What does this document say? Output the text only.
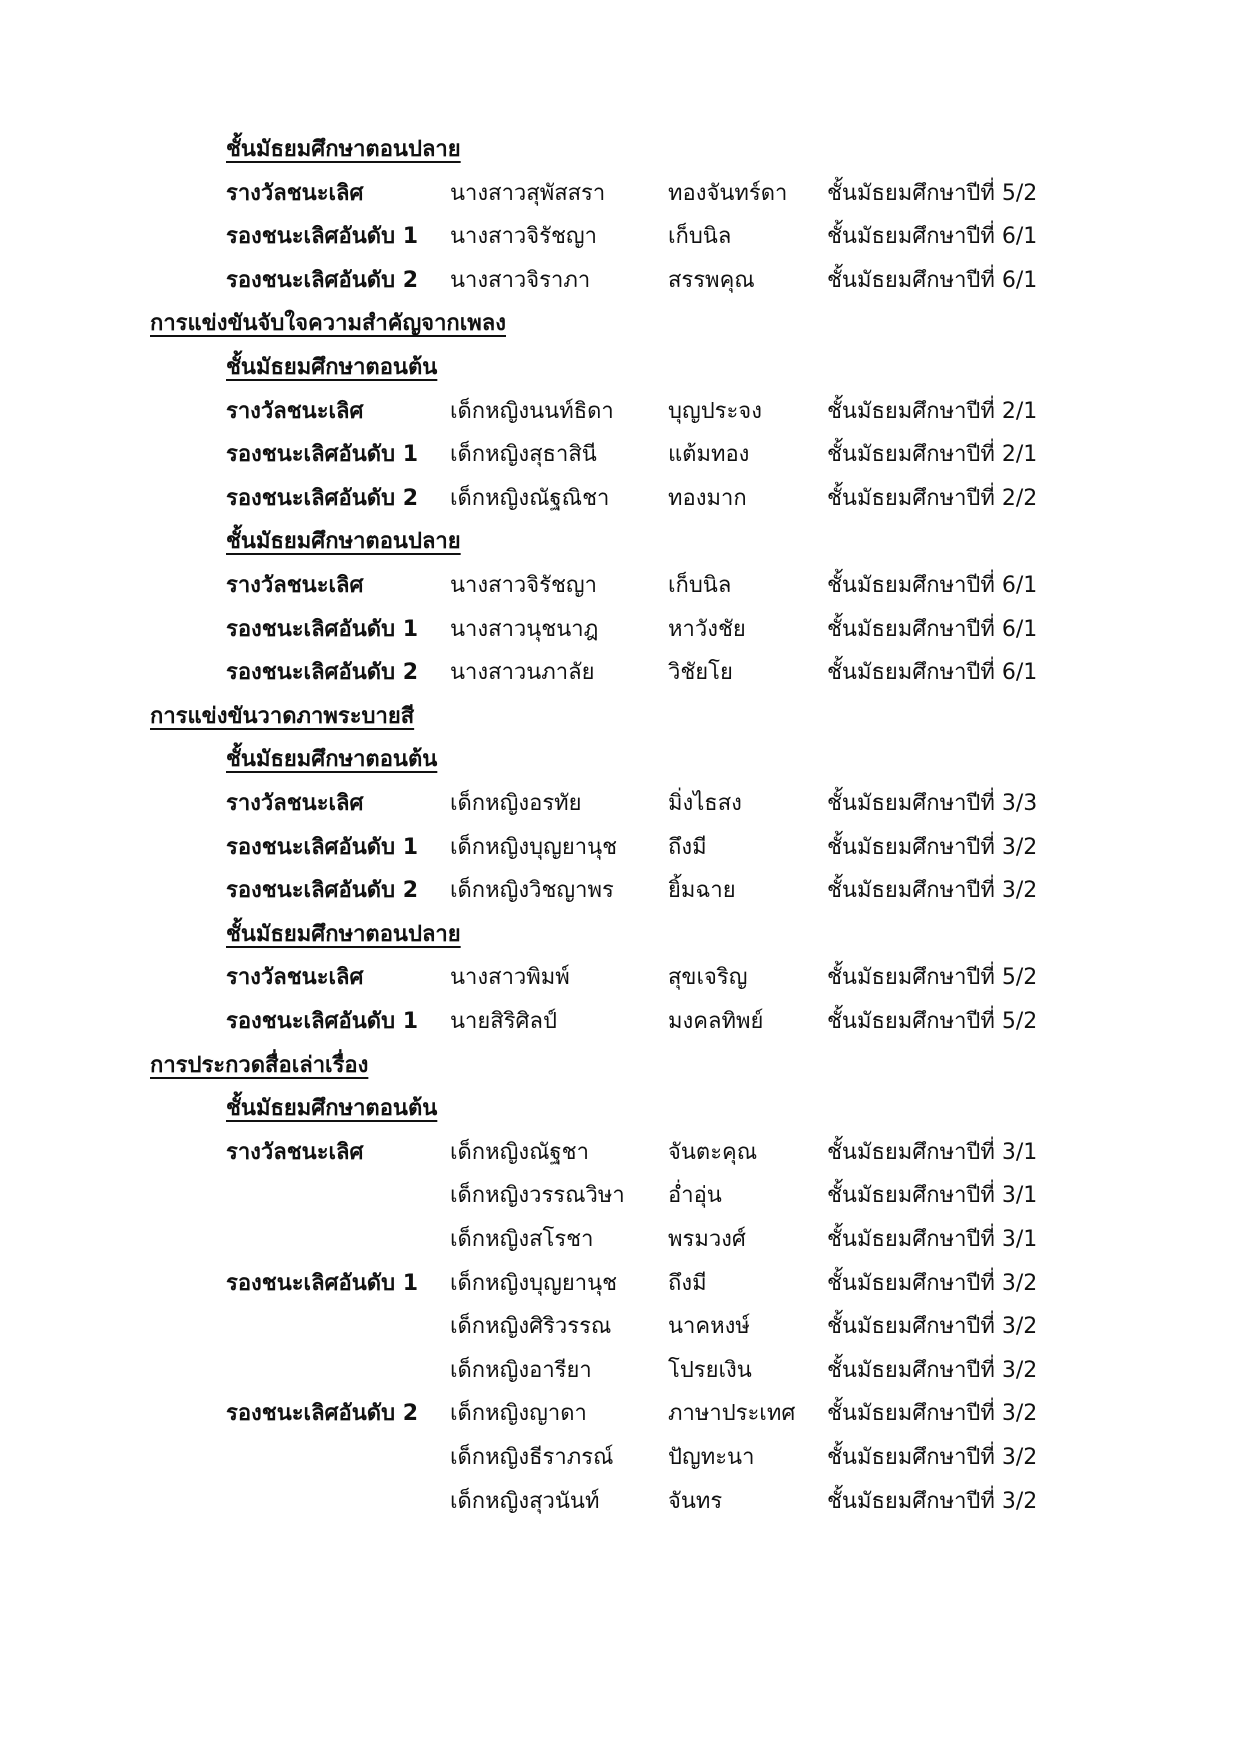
ชั้นมัธยมศึกษาตอนปลาย
รางวัลชนะเลิศ	นางสาวสุพัสสรา	ทองจันทร์ดา ชั้นมัธยมศึกษาปีที่ 5/2
รองชนะเลิศอันดับ 1 นางสาวจิรัชญา	เก็บนิล	ชั้นมัธยมศึกษาปีที่ 6/1
รองชนะเลิศอันดับ 2 นางสาวจิราภา	สรรพคุณ	ชั้นมัธยมศึกษาปีที่ 6/1
การแข่งขันจับใจความสำคัญจากเพลง
ชั้นมัธยมศึกษาตอนต้น
รางวัลชนะเลิศ	เด็กหญิงนนท์ธิดา บุญประจง	ชั้นมัธยมศึกษาปีที่ 2/1
รองชนะเลิศอันดับ 1 เด็กหญิงสุธาสินี	แต้มทอง	ชั้นมัธยมศึกษาปีที่ 2/1
รองชนะเลิศอันดับ 2 เด็กหญิงณัฐณิชา	ทองมาก	ชั้นมัธยมศึกษาปีที่ 2/2
ชั้นมัธยมศึกษาตอนปลาย
รางวัลชนะเลิศ	นางสาวจิรัชญา	เก็บนิล	ชั้นมัธยมศึกษาปีที่ 6/1
รองชนะเลิศอันดับ 1 นางสาวนุชนาฎ	หาวังชัย	ชั้นมัธยมศึกษาปีที่ 6/1
รองชนะเลิศอันดับ 2 นางสาวนภาลัย	วิชัยโย	ชั้นมัธยมศึกษาปีที่ 6/1
การแข่งขันวาดภาพระบายสี
ชั้นมัธยมศึกษาตอนต้น
รางวัลชนะเลิศ	เด็กหญิงอรทัย	มิ่งไธสง	ชั้นมัธยมศึกษาปีที่ 3/3
รองชนะเลิศอันดับ 1 เด็กหญิงบุญยานุช ถึงมี	ชั้นมัธยมศึกษาปีที่ 3/2
รองชนะเลิศอันดับ 2 เด็กหญิงวิชญาพร ยิ้มฉาย	ชั้นมัธยมศึกษาปีที่ 3/2
ชั้นมัธยมศึกษาตอนปลาย
รางวัลชนะเลิศ	นางสาวพิมพ์	สุขเจริญ	ชั้นมัธยมศึกษาปีที่ 5/2
รองชนะเลิศอันดับ 1 นายสิริศิลป์	มงคลทิพย์	ชั้นมัธยมศึกษาปีที่ 5/2
การประกวดสื่อเล่าเรื่อง
ชั้นมัธยมศึกษาตอนต้น
รางวัลชนะเลิศ	เด็กหญิงณัฐชา	จันตะคุณ	ชั้นมัธยมศึกษาปีที่ 3/1
เด็กหญิงวรรณวิษา อ่ำอุ่น	ชั้นมัธยมศึกษาปีที่ 3/1
เด็กหญิงสโรชา	พรมวงศ์	ชั้นมัธยมศึกษาปีที่ 3/1
รองชนะเลิศอันดับ 1 เด็กหญิงบุญยานุช ถึงมี	ชั้นมัธยมศึกษาปีที่ 3/2
เด็กหญิงศิริวรรณ	นาคหงษ์	ชั้นมัธยมศึกษาปีที่ 3/2
เด็กหญิงอารียา	โปรยเงิน	ชั้นมัธยมศึกษาปีที่ 3/2
รองชนะเลิศอันดับ 2 เด็กหญิงญาดา	ภาษาประเทศ ชั้นมัธยมศึกษาปีที่ 3/2
เด็กหญิงธีราภรณ์ ปัญทะนา	ชั้นมัธยมศึกษาปีที่ 3/2
เด็กหญิงสุวนันท์	จันทร	ชั้นมัธยมศึกษาปีที่ 3/2
